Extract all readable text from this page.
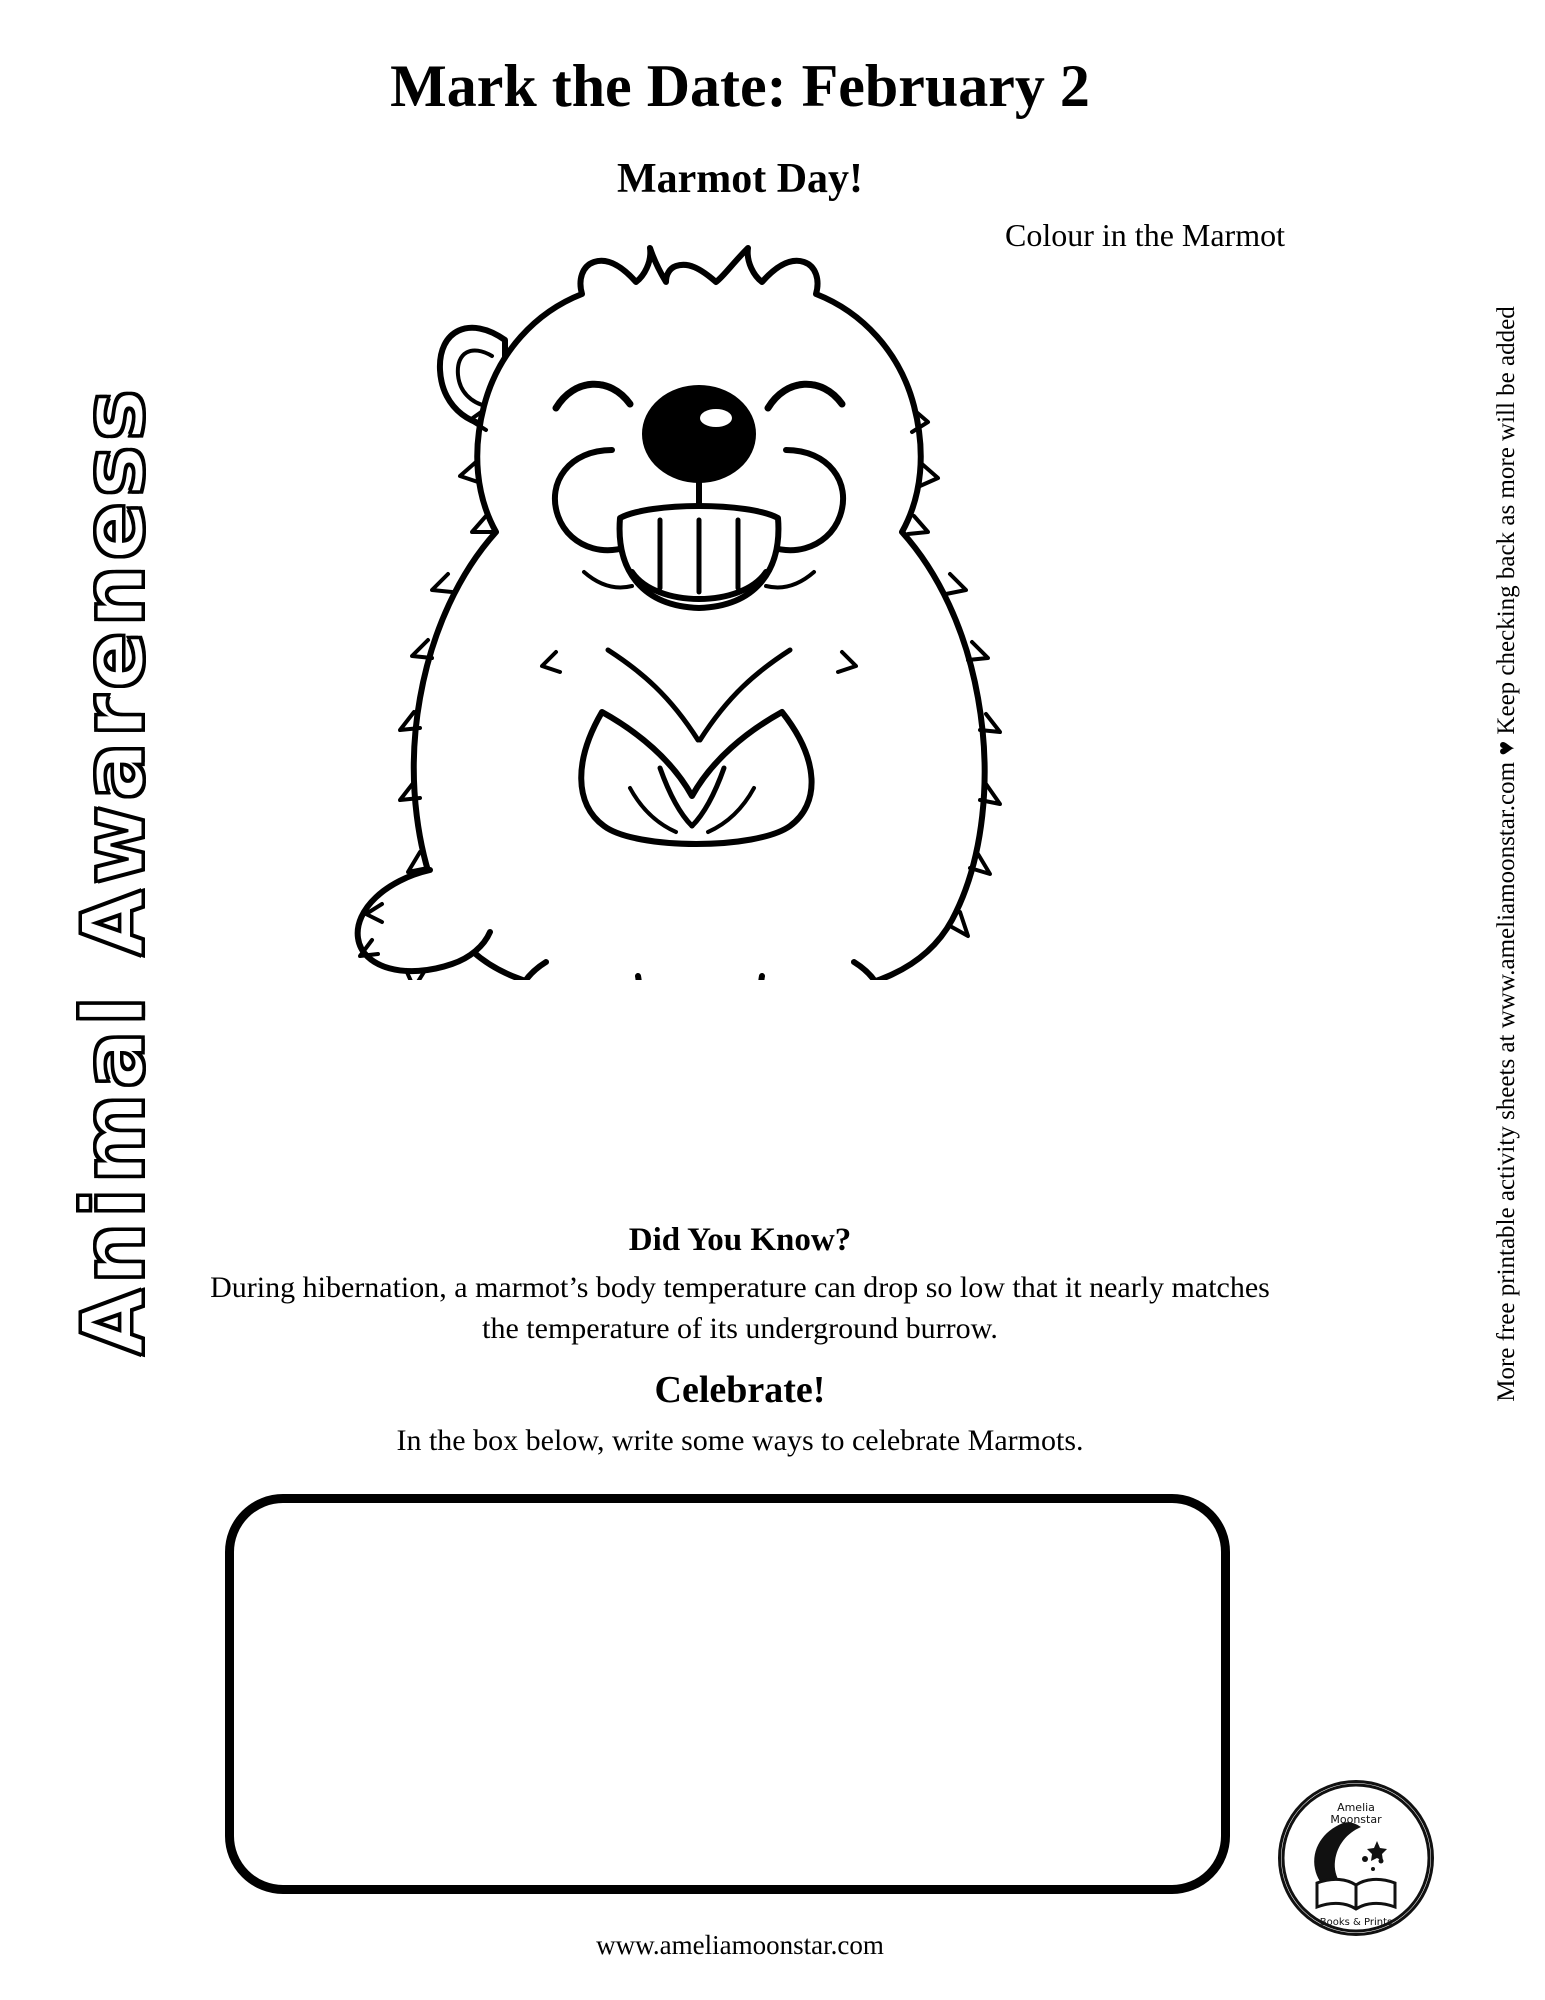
Animal Awareness	More free printable activity sheets at www.ameliamoonstar.com ♥ Keep checking back as more will be added
Mark the Date: February 2
Marmot Day!
Colour in the Marmot
Did You Know?
During hibernation, a marmot’s body temperature can drop so low that it nearly matches the temperature of its underground burrow.
Celebrate!
In the box below, write some ways to celebrate Marmots.
www.ameliamoonstar.com
Amelia
Moonstar
Books & Prints
